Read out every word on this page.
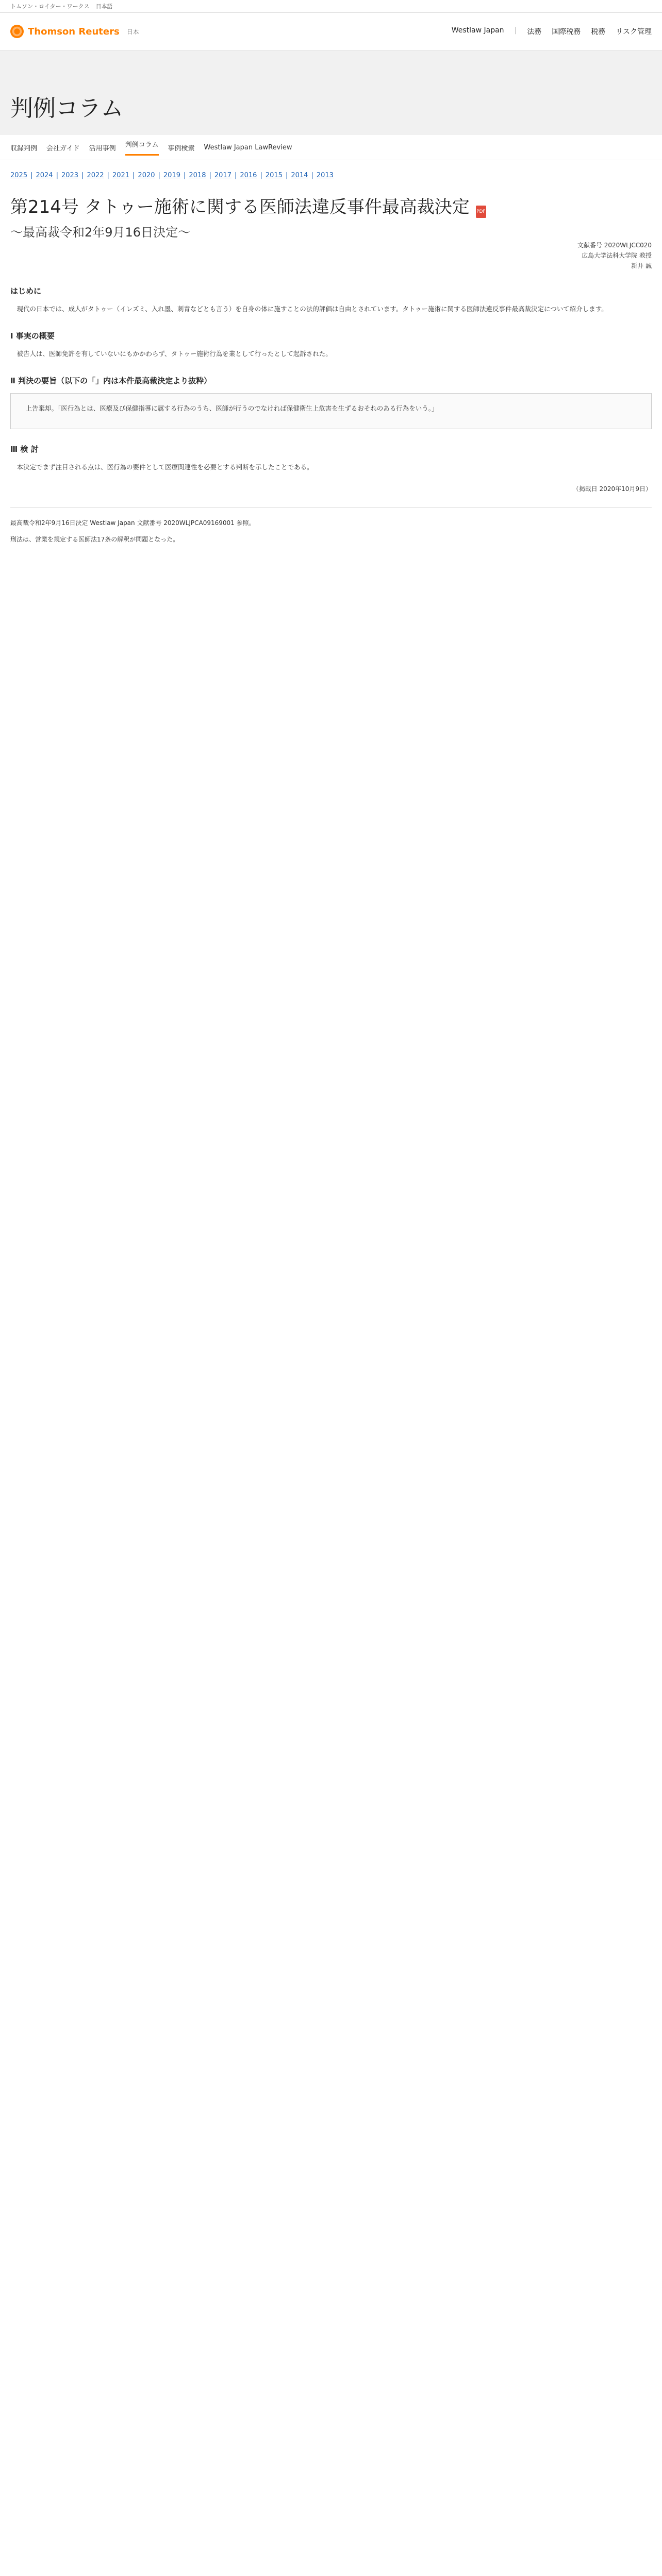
トムソン・ロイター・ワークス 日本語
Thomson Reuters 日本	Westlaw Japan | 法務 国際税務 税務 リスク管理
判例コラム
収録判例 会社ガイド 活用事例 判例コラム 事例検索 Westlaw Japan LawReview
2025 | 2024 | 2023 | 2022 | 2021 | 2020 | 2019 | 2018 | 2017 | 2016 | 2015 | 2014 | 2013
第214号 タトゥー施術に関する医師法違反事件最高裁決定 PDF
〜最高裁令和2年9月16日決定〜
文献番号 2020WLJCC020
広島大学法科大学院 教授
新井 誠
はじめに

現代の日本では、成人がタトゥー（イレズミ、入れ墨、刺青などとも言う）を自身の体に施すことの法的評価は自由とされています。タトゥー施術に関する医師法違反事件最高裁決定について紹介します。

Ⅰ 事実の概要

被告人は、医師免許を有していないにもかかわらず、タトゥー施術行為を業として行ったとして起訴された。

Ⅱ 判決の要旨（以下の「」内は本件最高裁決定より抜粋）

上告棄却。「医行為とは、医療及び保健指導に属する行為のうち、医師が行うのでなければ保健衛生上危害を生ずるおそれのある行為をいう。」

Ⅲ 検 討

本決定でまず注目される点は、医行為の要件として医療関連性を必要とする判断を示したことである。

（掲載日 2020年10月9日）

最高裁令和2年9月16日決定 Westlaw Japan 文献番号 2020WLJPCA09169001 参照。

刑法は、営業を規定する医師法17条の解釈が問題となった。
